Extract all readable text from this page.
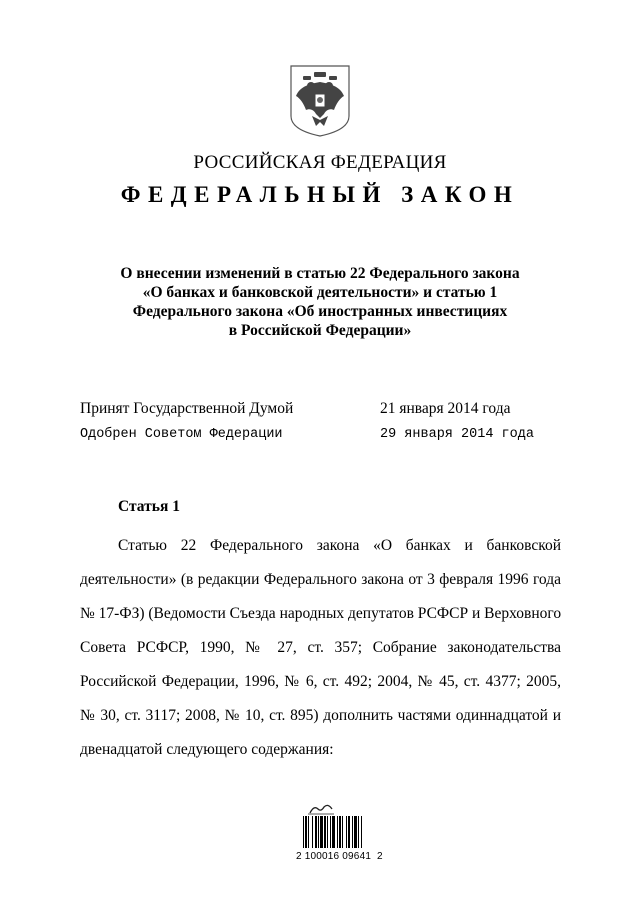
РОССИЙСКАЯ ФЕДЕРАЦИЯ
ФЕДЕРАЛЬНЫЙ ЗАКОН
О внесении изменений в статью 22 Федерального закона
«О банках и банковской деятельности» и статью 1
Федерального закона «Об иностранных инвестициях
в Российской Федерации»
Принят Государственной Думой	21 января 2014 года
Одобрен Советом Федерации	29 января 2014 года
Статья 1
Статью 22 Федерального закона «О банках и банковской
деятельности» (в редакции Федерального закона от 3 февраля 1996 года
№ 17-ФЗ) (Ведомости Съезда народных депутатов РСФСР и Верховного
Совета РСФСР, 1990, № 27, ст. 357; Собрание законодательства
Российской Федерации, 1996, № 6, ст. 492; 2004, № 45, ст. 4377; 2005,
№ 30, ст. 3117; 2008, № 10, ст. 895) дополнить частями одиннадцатой и
двенадцатой следующего содержания:
2 100016 09641  2
